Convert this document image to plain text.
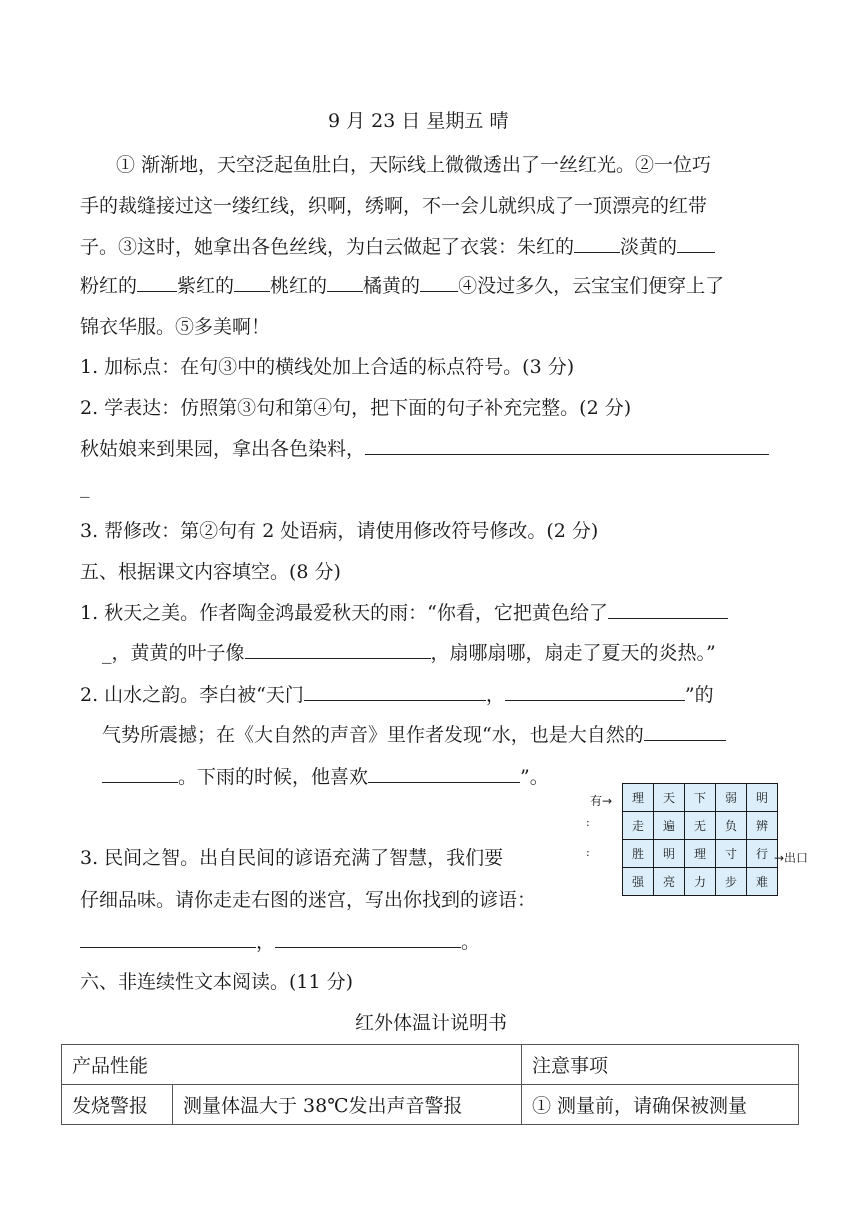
9 月 23 日 星期五 晴
① 渐渐地，天空泛起鱼肚白，天际线上微微透出了一丝红光。②一位巧
手的裁缝接过这一缕红线，织啊，绣啊，不一会儿就织成了一顶漂亮的红带
子。③这时，她拿出各色丝线，为白云做起了衣裳：朱红的 淡黄的
粉红的 紫红的 桃红的 橘黄的 ④没过多久，云宝宝们便穿上了
锦衣华服。⑤多美啊！
1. 加标点：在句③中的横线处加上合适的标点符号。(3 分)
2. 学表达：仿照第③句和第④句，把下面的句子补充完整。(2 分)
秋姑娘来到果园，拿出各色染料，
_
3. 帮修改：第②句有 2 处语病，请使用修改符号修改。(2 分)
五、根据课文内容填空。(8 分)
1. 秋天之美。作者陶金鸿最爱秋天的雨：“你看，它把黄色给了
_，黄黄的叶子像	，扇哪扇哪，扇走了夏天的炎热。”
2. 山水之韵。李白被“天门	，	”的
气势所震撼；在《大自然的声音》里作者发现“水，也是大自然的
。下雨的时候，他喜欢	”。
3. 民间之智。出自民间的谚语充满了智慧，我们要
仔细品味。请你走走右图的迷宫，写出你找到的谚语：
，	。
有→
:
:
理	天	下	弱	明
走	遍	无	负	辨
胜	明	理	寸	行
强	亮	力	步	难
→出口
六、非连续性文本阅读。(11 分)
红外体温计说明书
产品性能		注意事项
发烧警报	测量体温大于 38℃发出声音警报	① 测量前，请确保被测量
